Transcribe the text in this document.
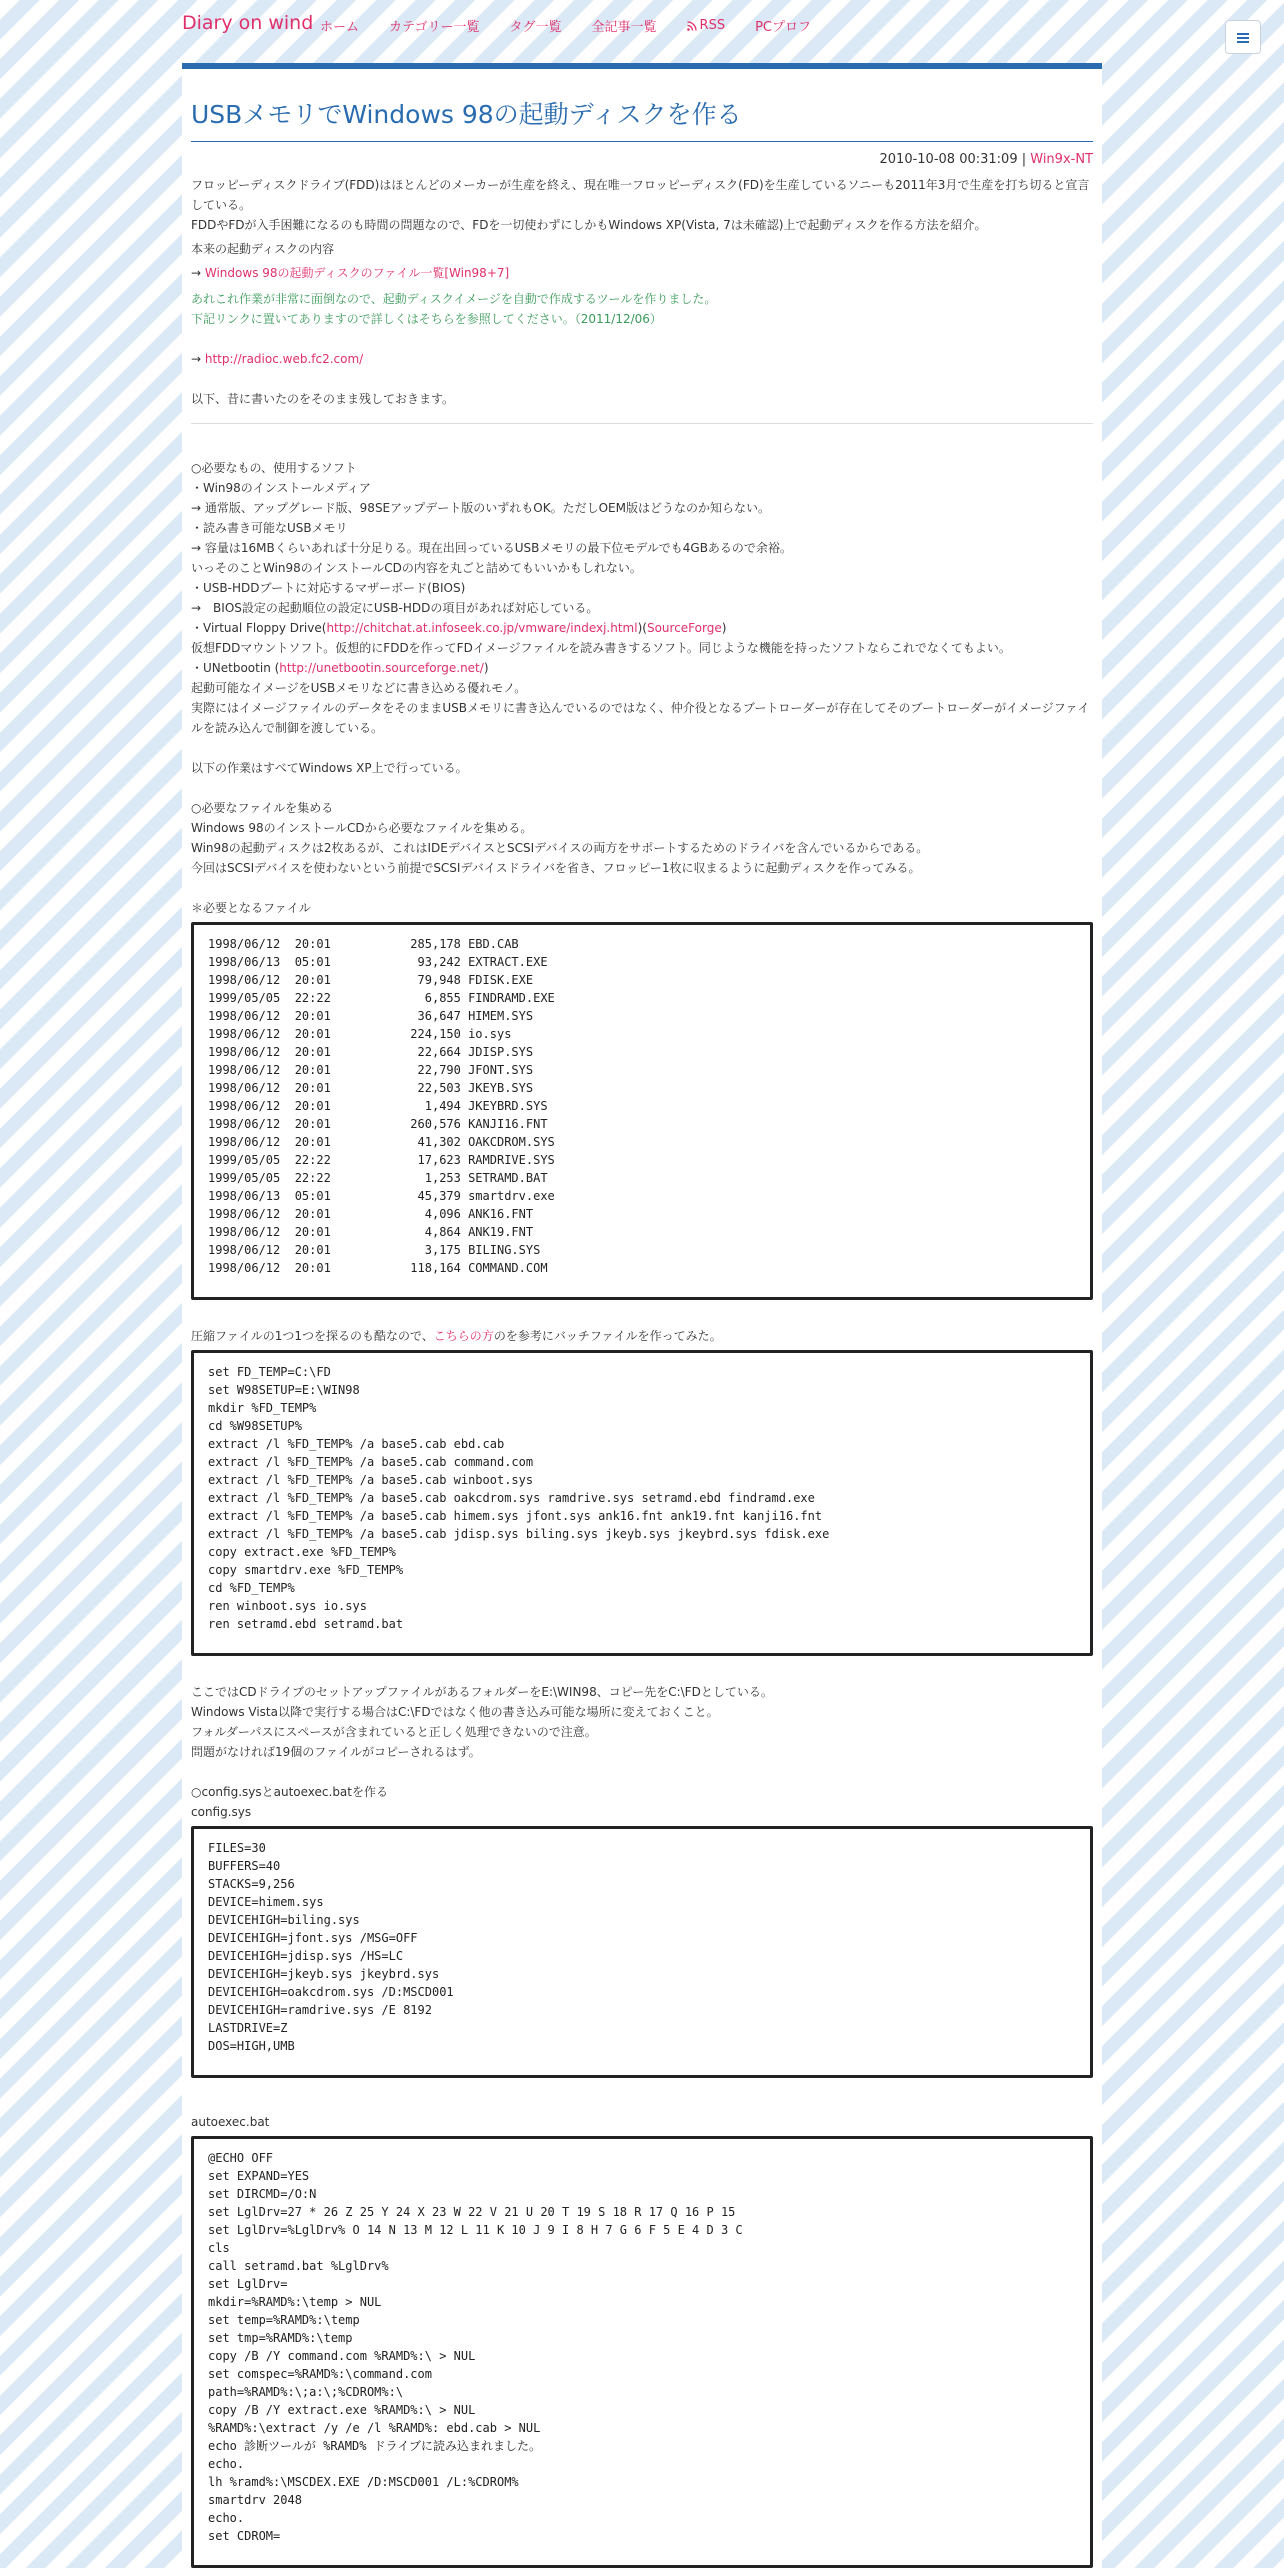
Diary on wind ホーム カテゴリー一覧 タグ一覧 全記事一覧	RSS PCプロフ
USBメモリでWindows 98の起動ディスクを作る
2010-10-08 00:31:09 | Win9x-NT

フロッピーディスクドライブ(FDD)はほとんどのメーカーが生産を終え、現在唯一フロッピーディスク(FD)を生産しているソニーも2011年3月で生産を打ち切ると宣言している。

FDDやFDが入手困難になるのも時間の問題なので、FDを一切使わずにしかもWindows XP(Vista, 7は未確認)上で起動ディスクを作る方法を紹介。

本来の起動ディスクの内容

→ Windows 98の起動ディスクのファイル一覧[Win98+7]

あれこれ作業が非常に面倒なので、起動ディスクイメージを自動で作成するツールを作りました。

下記リンクに置いてありますので詳しくはそちらを参照してください。（2011/12/06）

→ http://radioc.web.fc2.com/

以下、昔に書いたのをそのまま残しておきます。

○必要なもの、使用するソフト

・Win98のインストールメディア

→ 通常版、アップグレード版、98SEアップデート版のいずれもOK。ただしOEM版はどうなのか知らない。

・読み書き可能なUSBメモリ

→ 容量は16MBくらいあれば十分足りる。現在出回っているUSBメモリの最下位モデルでも4GBあるので余裕。

いっそのことWin98のインストールCDの内容を丸ごと詰めてもいいかもしれない。

・USB-HDDブートに対応するマザーボード(BIOS)

→　BIOS設定の起動順位の設定にUSB-HDDの項目があれば対応している。

・Virtual Floppy Drive(http://chitchat.at.infoseek.co.jp/vmware/indexj.html)(SourceForge)

仮想FDDマウントソフト。仮想的にFDDを作ってFDイメージファイルを読み書きするソフト。同じような機能を持ったソフトならこれでなくてもよい。

・UNetbootin (http://unetbootin.sourceforge.net/)

起動可能なイメージをUSBメモリなどに書き込める優れモノ。

実際にはイメージファイルのデータをそのままUSBメモリに書き込んでいるのではなく、仲介役となるブートローダーが存在してそのブートローダーがイメージファイルを読み込んで制御を渡している。

以下の作業はすべてWindows XP上で行っている。

○必要なファイルを集める

Windows 98のインストールCDから必要なファイルを集める。

Win98の起動ディスクは2枚あるが、これはIDEデバイスとSCSIデバイスの両方をサポートするためのドライバを含んでいるからである。

今回はSCSIデバイスを使わないという前提でSCSIデバイスドライバを省き、フロッピー1枚に収まるように起動ディスクを作ってみる。

＊必要となるファイル

1998/06/12  20:01           285,178 EBD.CAB
1998/06/13  05:01            93,242 EXTRACT.EXE
1998/06/12  20:01            79,948 FDISK.EXE
1999/05/05  22:22             6,855 FINDRAMD.EXE
1998/06/12  20:01            36,647 HIMEM.SYS
1998/06/12  20:01           224,150 io.sys
1998/06/12  20:01            22,664 JDISP.SYS
1998/06/12  20:01            22,790 JFONT.SYS
1998/06/12  20:01            22,503 JKEYB.SYS
1998/06/12  20:01             1,494 JKEYBRD.SYS
1998/06/12  20:01           260,576 KANJI16.FNT
1998/06/12  20:01            41,302 OAKCDROM.SYS
1999/05/05  22:22            17,623 RAMDRIVE.SYS
1999/05/05  22:22             1,253 SETRAMD.BAT
1998/06/13  05:01            45,379 smartdrv.exe
1998/06/12  20:01             4,096 ANK16.FNT
1998/06/12  20:01             4,864 ANK19.FNT
1998/06/12  20:01             3,175 BILING.SYS
1998/06/12  20:01           118,164 COMMAND.COM

圧縮ファイルの1つ1つを探るのも酷なので、こちらの方のを参考にバッチファイルを作ってみた。

set FD_TEMP=C:\FD
set W98SETUP=E:\WIN98
mkdir %FD_TEMP%
cd %W98SETUP%
extract /l %FD_TEMP% /a base5.cab ebd.cab
extract /l %FD_TEMP% /a base5.cab command.com
extract /l %FD_TEMP% /a base5.cab winboot.sys
extract /l %FD_TEMP% /a base5.cab oakcdrom.sys ramdrive.sys setramd.ebd findramd.exe
extract /l %FD_TEMP% /a base5.cab himem.sys jfont.sys ank16.fnt ank19.fnt kanji16.fnt
extract /l %FD_TEMP% /a base5.cab jdisp.sys biling.sys jkeyb.sys jkeybrd.sys fdisk.exe
copy extract.exe %FD_TEMP%
copy smartdrv.exe %FD_TEMP%
cd %FD_TEMP%
ren winboot.sys io.sys
ren setramd.ebd setramd.bat

ここではCDドライブのセットアップファイルがあるフォルダーをE:\WIN98、コピー先をC:\FDとしている。

Windows Vista以降で実行する場合はC:\FDではなく他の書き込み可能な場所に変えておくこと。

フォルダーパスにスペースが含まれていると正しく処理できないので注意。

問題がなければ19個のファイルがコピーされるはず。

○config.sysとautoexec.batを作る

config.sys

FILES=30
BUFFERS=40
STACKS=9,256
DEVICE=himem.sys
DEVICEHIGH=biling.sys
DEVICEHIGH=jfont.sys /MSG=OFF
DEVICEHIGH=jdisp.sys /HS=LC
DEVICEHIGH=jkeyb.sys jkeybrd.sys
DEVICEHIGH=oakcdrom.sys /D:MSCD001
DEVICEHIGH=ramdrive.sys /E 8192
LASTDRIVE=Z
DOS=HIGH,UMB

autoexec.bat

@ECHO OFF
set EXPAND=YES
set DIRCMD=/O:N
set LglDrv=27 * 26 Z 25 Y 24 X 23 W 22 V 21 U 20 T 19 S 18 R 17 Q 16 P 15
set LglDrv=%LglDrv% O 14 N 13 M 12 L 11 K 10 J 9 I 8 H 7 G 6 F 5 E 4 D 3 C
cls
call setramd.bat %LglDrv%
set LglDrv=
mkdir=%RAMD%:\temp > NUL
set temp=%RAMD%:\temp
set tmp=%RAMD%:\temp
copy /B /Y command.com %RAMD%:\ > NUL
set comspec=%RAMD%:\command.com
path=%RAMD%:\;a:\;%CDROM%:\
copy /B /Y extract.exe %RAMD%:\ > NUL
%RAMD%:\extract /y /e /l %RAMD%: ebd.cab > NUL
echo 診断ツールが %RAMD% ドライブに読み込まれました。
echo.
lh %ramd%:\MSCDEX.EXE /D:MSCD001 /L:%CDROM%
smartdrv 2048
echo.
set CDROM=
